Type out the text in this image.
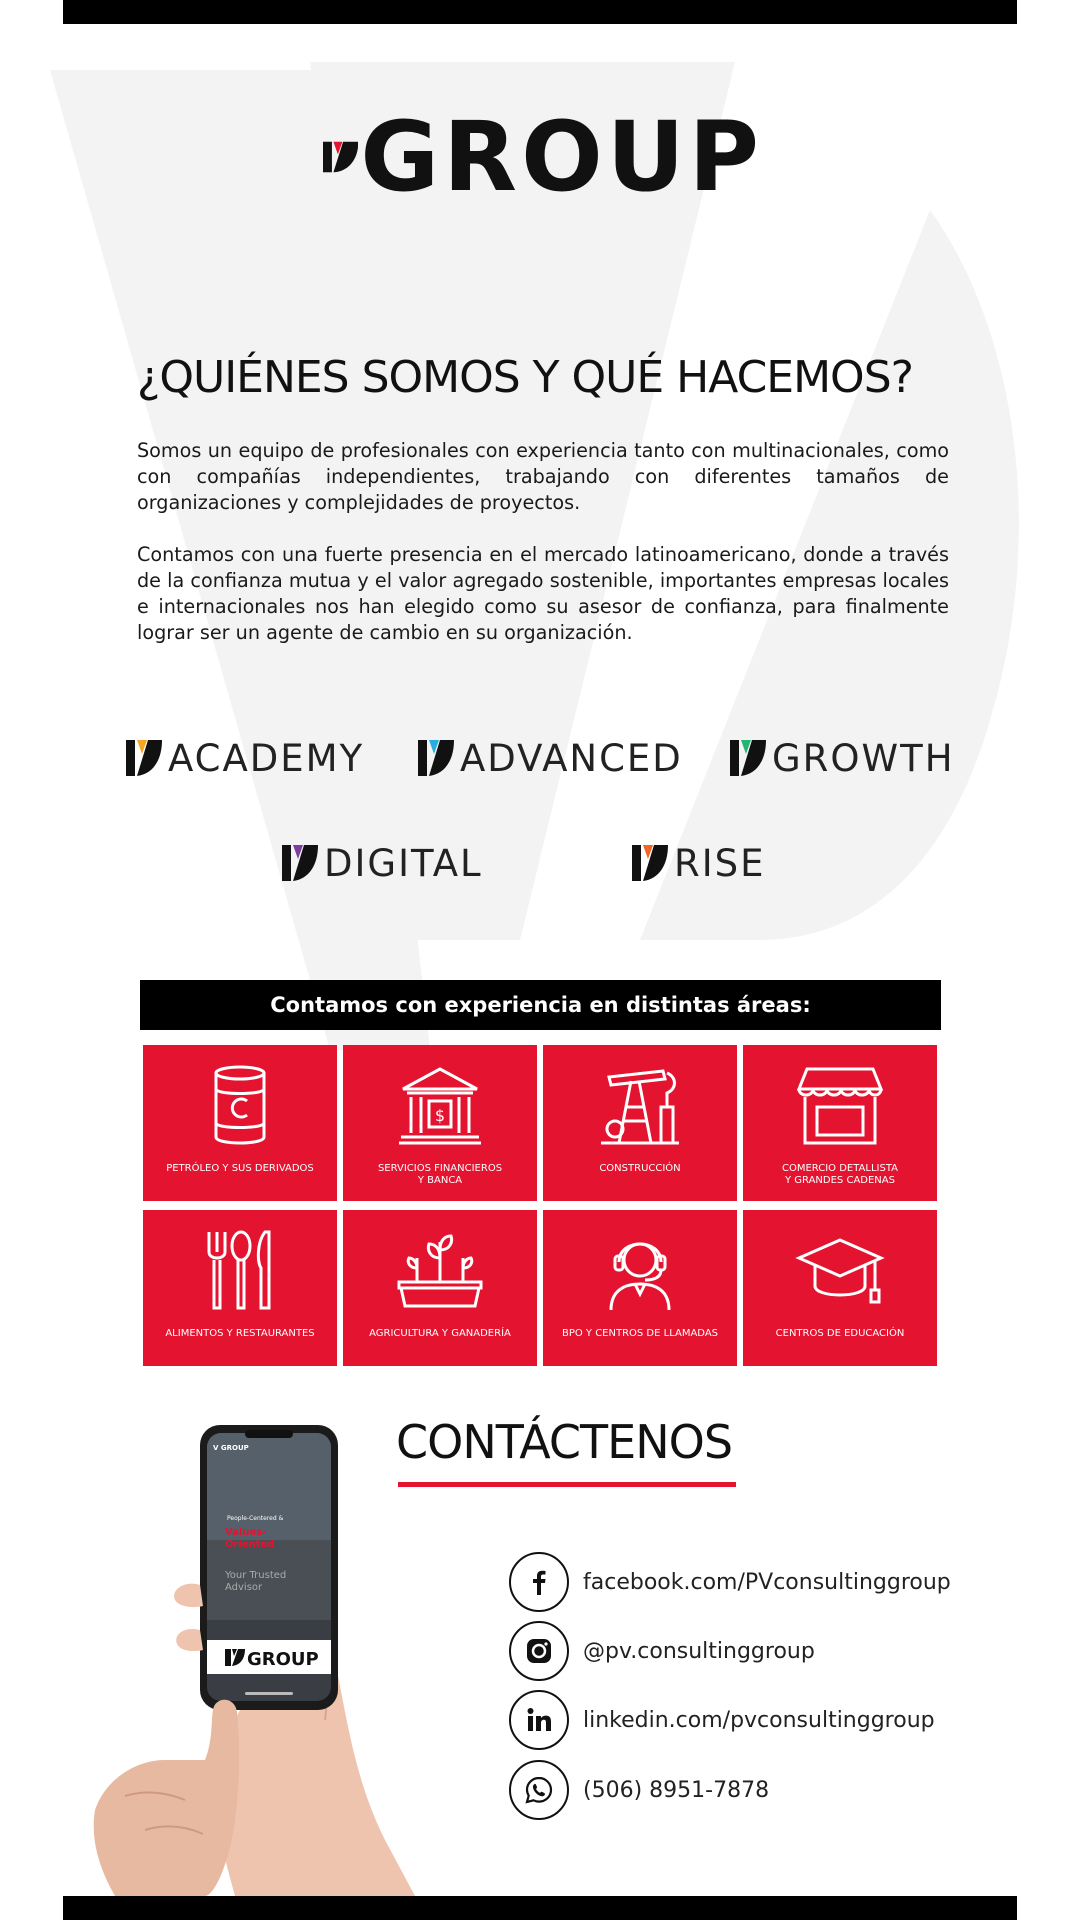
GROUP
¿QUIÉNES SOMOS Y QUÉ HACEMOS?
Somos un equipo de profesionales con experiencia tanto con multinacionales, como con compañías independientes, trabajando con diferentes tamaños de organizaciones y complejidades de proyectos.
Contamos con una fuerte presencia en el mercado latinoamericano, donde a través de la confianza mutua y el valor agregado sostenible, importantes empresas locales e internacionales nos han elegido como su asesor de confianza, para finalmente lograr ser un agente de cambio en su organización.
ACADEMY	ADVANCED GROWTH
DIGITAL	RISE
Contamos con experiencia en distintas áreas:
PETRÓLEO Y SUS DERIVADOS
$
SERVICIOS FINANCIEROS
Y BANCA
CONSTRUCCIÓN	COMERCIO DETALLISTA
Y GRANDES CADENAS
ALIMENTOS Y RESTAURANTES	AGRICULTURA Y GANADERÍA	BPO Y CENTROS DE LLAMADAS	CENTROS DE EDUCACIÓN
V GROUP
People-Centered &
Values-
Oriented
Your Trusted
Advisor
GROUP
CONTÁCTENOS
facebook.com/PVconsultinggroup
@pv.consultinggroup
linkedin.com/pvconsultinggroup
(506) 8951-7878
